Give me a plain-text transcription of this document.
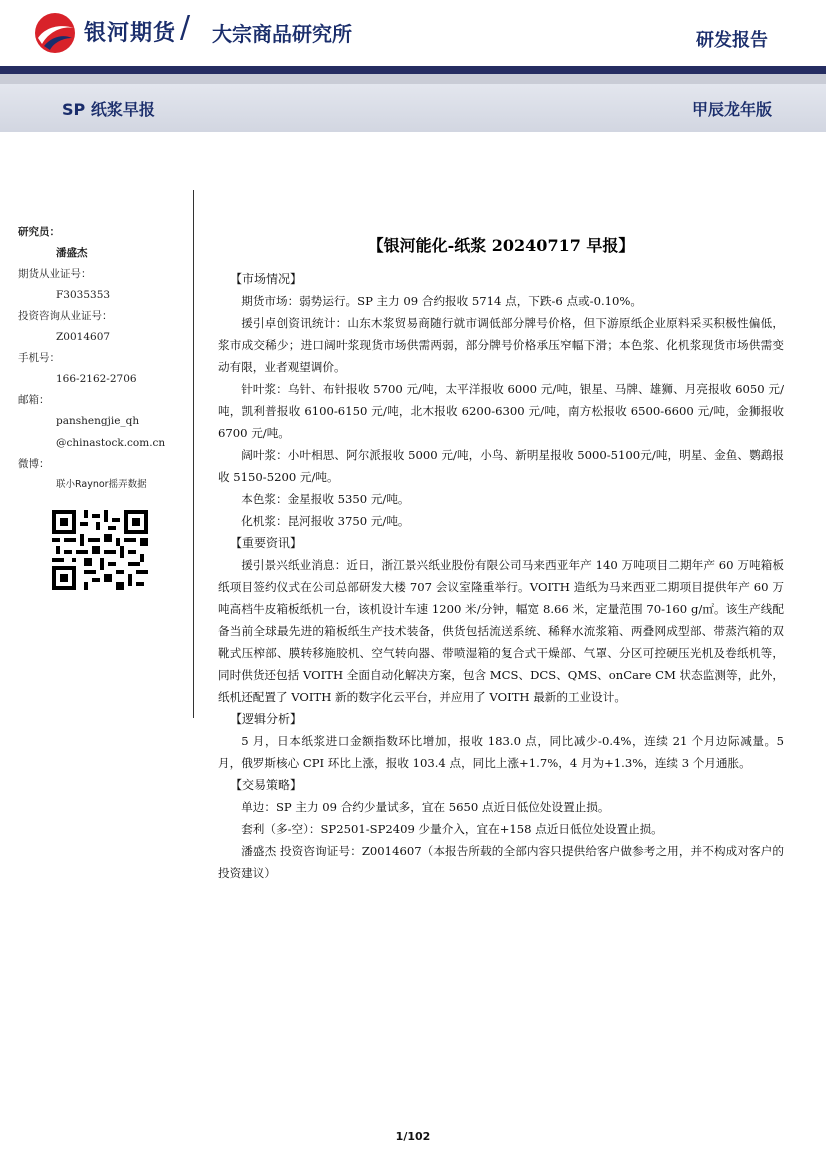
银河期货 / 大宗商品研究所	研发报告
SP 纸浆早报	甲辰龙年版
研究员：
潘盛杰
期货从业证号：
F3035353
投资咨询从业证号：
Z0014607
手机号：
166-2162-2706
邮箱：
panshengjie_qh
@chinastock.com.cn
微博：
联小Raynor摇弄数据
【银河能化-纸浆 20240717 早报】
【市场情况】

期货市场：弱势运行。SP 主力 09 合约报收 5714 点，下跌-6 点或-0.10%。

援引卓创资讯统计：山东木浆贸易商随行就市调低部分牌号价格，但下游原纸企业原料采买积极性偏低，浆市成交稀少；进口阔叶浆现货市场供需两弱，部分牌号价格承压窄幅下滑；本色浆、化机浆现货市场供需变动有限，业者观望调价。

针叶浆：乌针、布针报收 5700 元/吨，太平洋报收 6000 元/吨，银星、马牌、雄狮、月亮报收 6050 元/吨，凯利普报收 6100-6150 元/吨，北木报收 6200-6300 元/吨，南方松报收 6500-6600 元/吨，金狮报收 6700 元/吨。

阔叶浆：小叶相思、阿尔派报收 5000 元/吨，小鸟、新明星报收 5000-5100元/吨，明星、金鱼、鹦鹉报收 5150-5200 元/吨。

本色浆：金星报收 5350 元/吨。

化机浆：昆河报收 3750 元/吨。

【重要资讯】

援引景兴纸业消息：近日，浙江景兴纸业股份有限公司马来西亚年产 140 万吨项目二期年产 60 万吨箱板纸项目签约仪式在公司总部研发大楼 707 会议室隆重举行。VOITH 造纸为马来西亚二期项目提供年产 60 万吨高档牛皮箱板纸机一台，该机设计车速 1200 米/分钟，幅宽 8.66 米，定量范围 70-160 g/㎡。该生产线配备当前全球最先进的箱板纸生产技术装备，供货包括流送系统、稀释水流浆箱、两叠网成型部、带蒸汽箱的双靴式压榨部、膜转移施胶机、空气转向器、带喷湿箱的复合式干燥部、气罩、分区可控硬压光机及卷纸机等，同时供货还包括 VOITH 全面自动化解决方案，包含 MCS、DCS、QMS、onCare CM 状态监测等，此外，纸机还配置了 VOITH 新的数字化云平台，并应用了 VOITH 最新的工业设计。

【逻辑分析】

5 月，日本纸浆进口金额指数环比增加，报收 183.0 点，同比减少-0.4%，连续 21 个月边际减量。5 月，俄罗斯核心 CPI 环比上涨，报收 103.4 点，同比上涨+1.7%，4 月为+1.3%，连续 3 个月通胀。

【交易策略】

单边：SP 主力 09 合约少量试多，宜在 5650 点近日低位处设置止损。

套利（多-空）：SP2501-SP2409 少量介入，宜在+158 点近日低位处设置止损。

潘盛杰 投资咨询证号：Z0014607（本报告所载的全部内容只提供给客户做参考之用，并不构成对客户的投资建议）

1/102
